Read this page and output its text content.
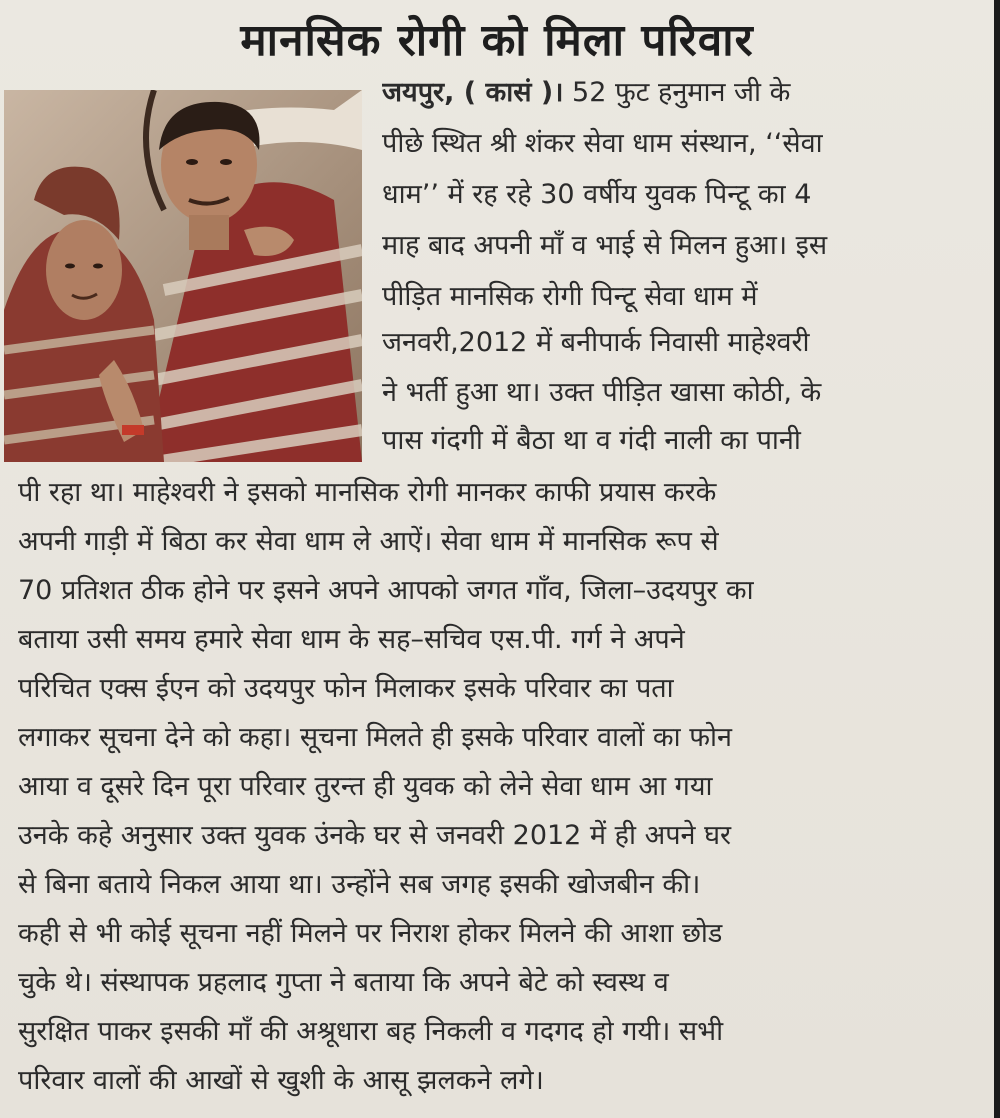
मानसिक रोगी को मिला परिवार
जयपुर, ( कासं )। 52 फुट हनुमान जी के
पीछे स्थित श्री शंकर सेवा धाम संस्थान, ‘‘सेवा
धाम’’ में रह रहे 30 वर्षीय युवक पिन्टू का 4
माह बाद अपनी माँ व भाई से मिलन हुआ। इस
पीड़ित मानसिक रोगी पिन्टू सेवा धाम में
जनवरी,2012 में बनीपार्क निवासी माहेश्वरी
ने भर्ती हुआ था। उक्त पीड़ित खासा कोठी, के
पास गंदगी में बैठा था व गंदी नाली का पानी
पी रहा था। माहेश्वरी ने इसको मानसिक रोगी मानकर काफी प्रयास करके
अपनी गाड़ी में बिठा कर सेवा धाम ले आऐं। सेवा धाम में मानसिक रूप से
70 प्रतिशत ठीक होने पर इसने अपने आपको जगत गाँव, जिला–उदयपुर का
बताया उसी समय हमारे सेवा धाम के सह–सचिव एस.पी. गर्ग ने अपने
परिचित एक्स ईएन को उदयपुर फोन मिलाकर इसके परिवार का पता
लगाकर सूचना देने को कहा। सूचना मिलते ही इसके परिवार वालों का फोन
आया व दूसरे दिन पूरा परिवार तुरन्त ही युवक को लेने सेवा धाम आ गया
उनके कहे अनुसार उक्त युवक उंनके घर से जनवरी 2012 में ही अपने घर
से बिना बताये निकल आया था। उन्होंने सब जगह इसकी खोजबीन की।
कही से भी कोई सूचना नहीं मिलने पर निराश होकर मिलने की आशा छोड
चुके थे। संस्थापक प्रहलाद गुप्ता ने बताया कि अपने बेटे को स्वस्थ व
सुरक्षित पाकर इसकी माँ की अश्रूधारा बह निकली व गदगद हो गयी। सभी
परिवार वालों की आखों से खुशी के आसू झलकने लगे।
